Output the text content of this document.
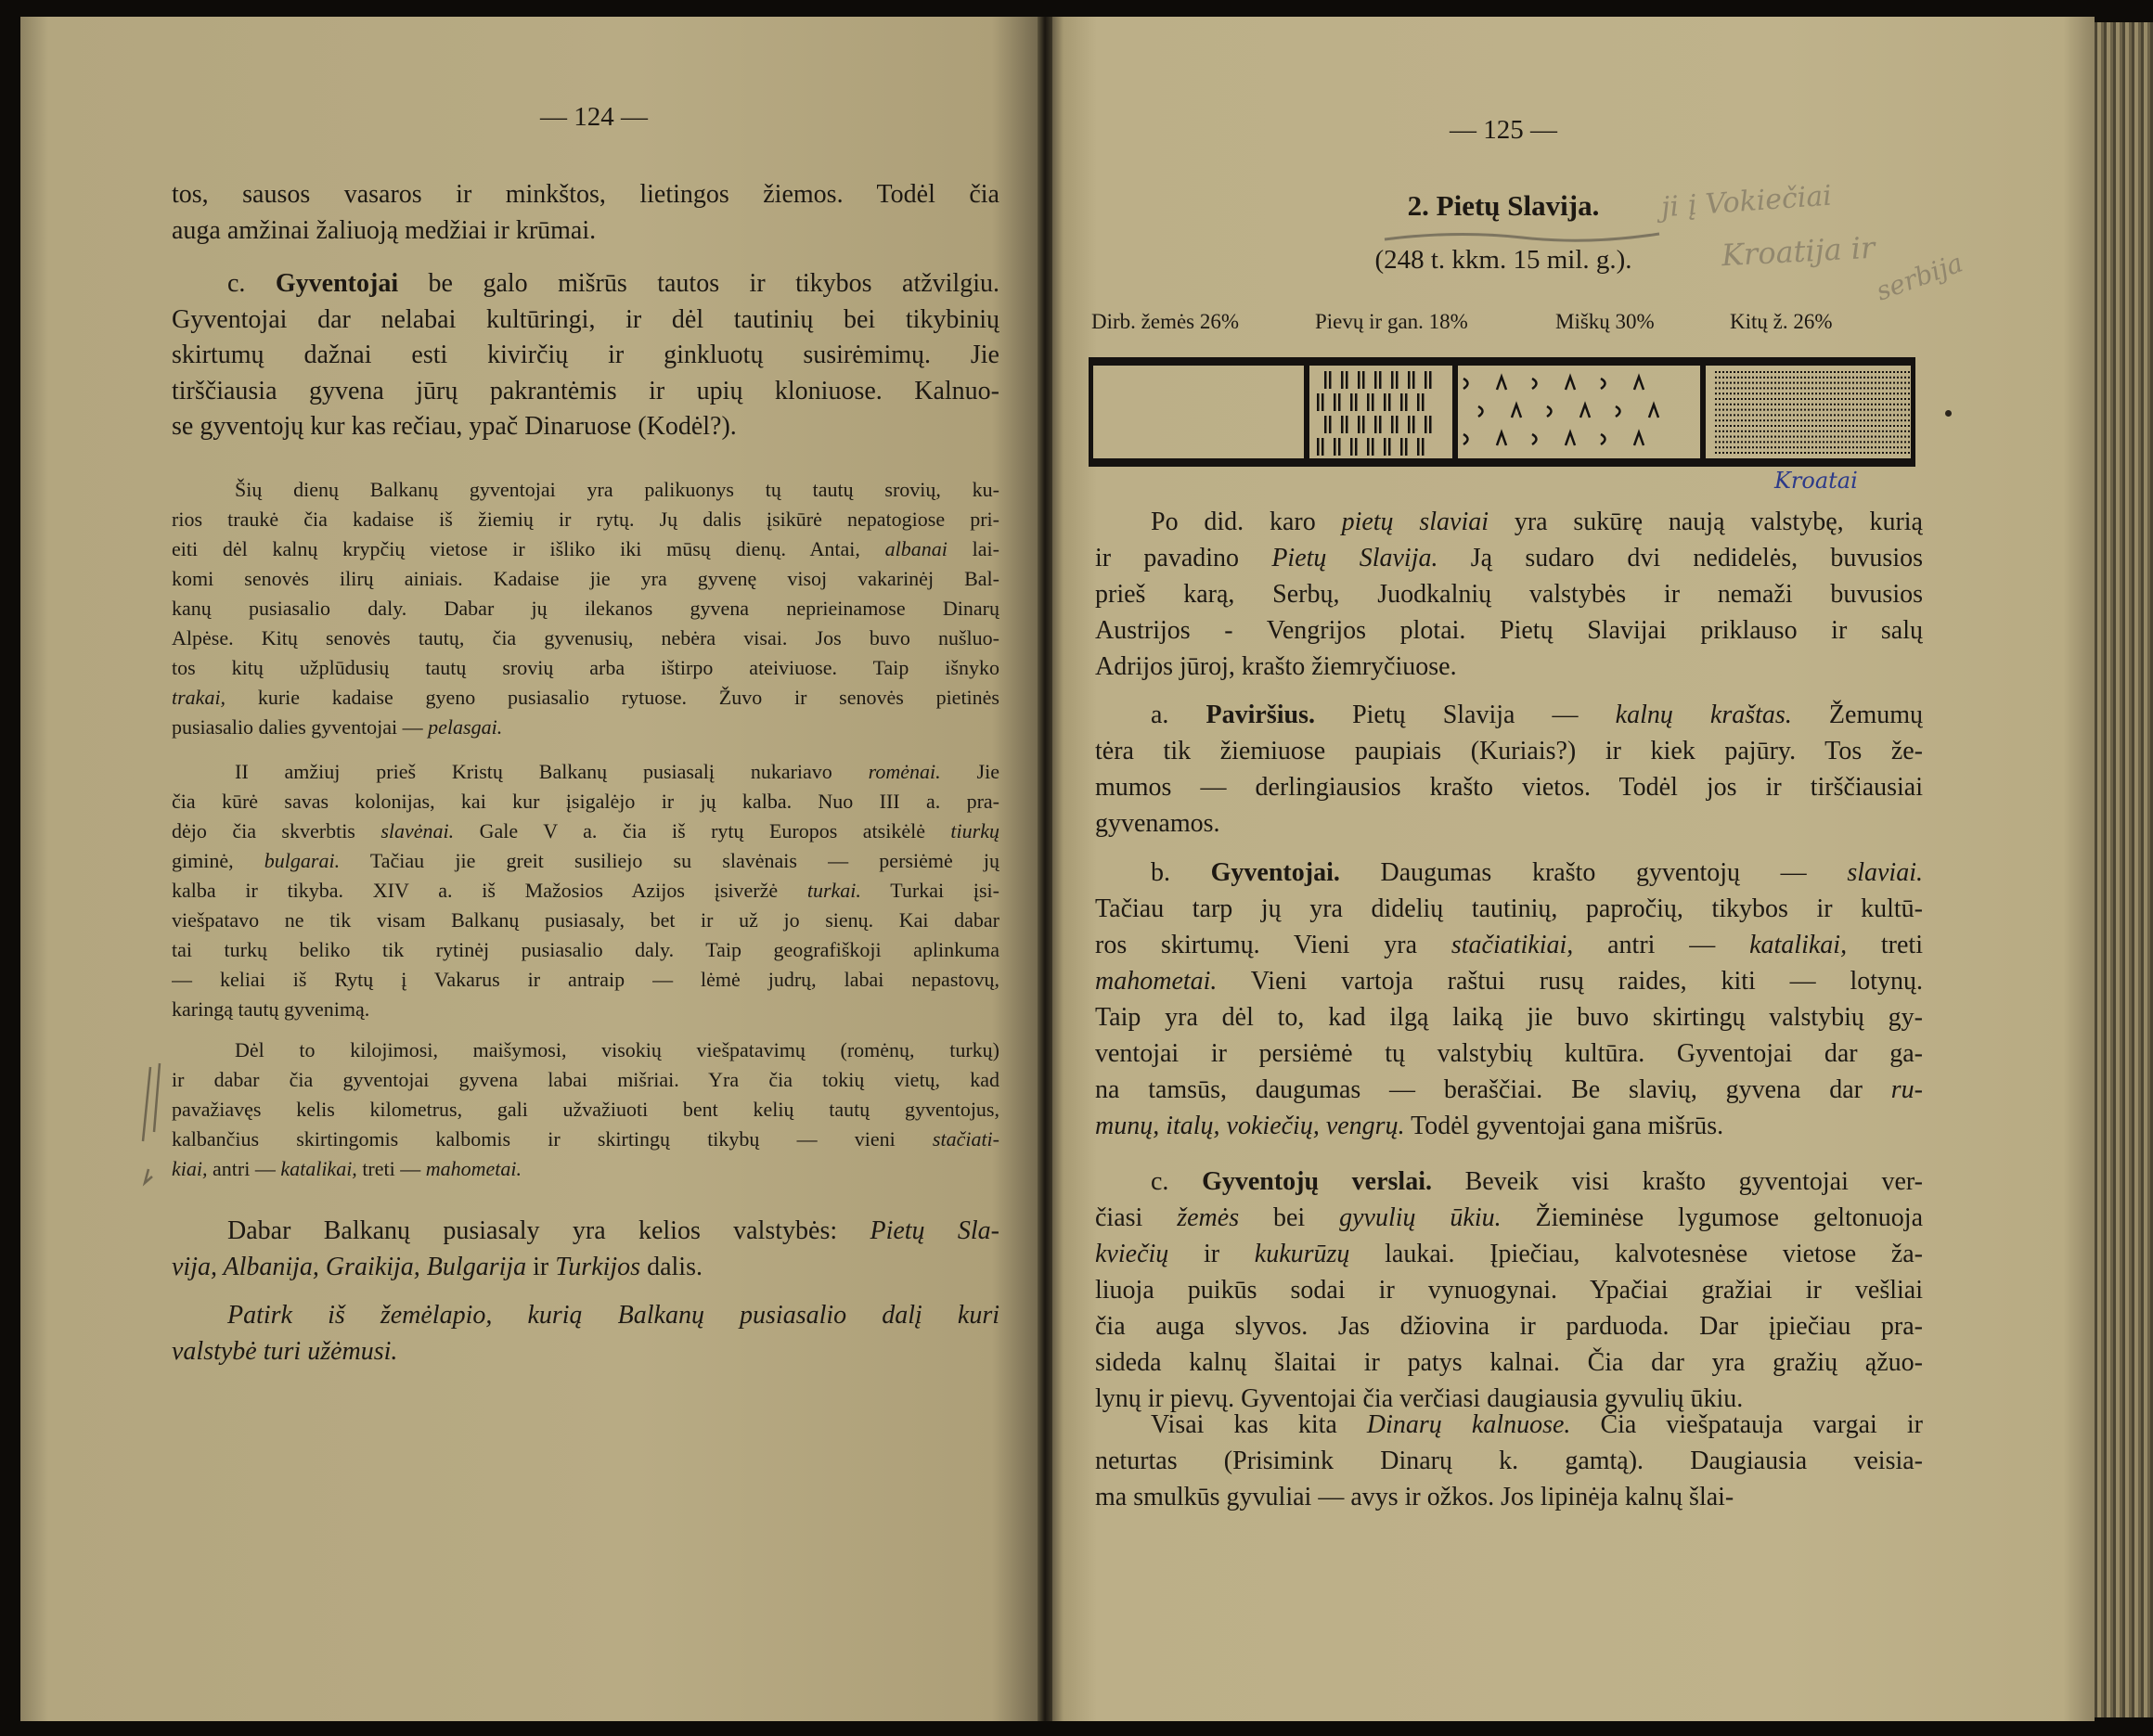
— 124 —
tos, sausos vasaros ir minkštos, lietingos žiemos. Todėl čia
auga amžinai žaliuoją medžiai ir krūmai.
c. Gyventojai be galo mišrūs tautos ir tikybos atžvilgiu.
Gyventojai dar nelabai kultūringi, ir dėl tautinių bei tikybinių
skirtumų dažnai esti kivirčių ir ginkluotų susirėmimų. Jie
tirščiausia gyvena jūrų pakrantėmis ir upių kloniuose. Kalnuo-
se gyventojų kur kas rečiau, ypač Dinaruose (Kodėl?).
Šių dienų Balkanų gyventojai yra palikuonys tų tautų srovių, ku-
rios traukė čia kadaise iš žiemių ir rytų. Jų dalis įsikūrė nepatogiose pri-
eiti dėl kalnų krypčių vietose ir išliko iki mūsų dienų. Antai, albanai lai-
komi senovės ilirų ainiais. Kadaise jie yra gyvenę visoj vakarinėj Bal-
kanų pusiasalio daly. Dabar jų ilekanos gyvena neprieinamose Dinarų
Alpėse. Kitų senovės tautų, čia gyvenusių, nebėra visai. Jos buvo nušluo-
tos kitų užplūdusių tautų srovių arba ištirpo ateiviuose. Taip išnyko
trakai, kurie kadaise gyeno pusiasalio rytuose. Žuvo ir senovės pietinės
pusiasalio dalies gyventojai — pelasgai.
II amžiuj prieš Kristų Balkanų pusiasalį nukariavo romėnai. Jie
čia kūrė savas kolonijas, kai kur įsigalėjo ir jų kalba. Nuo III a. pra-
dėjo čia skverbtis slavėnai. Gale V a. čia iš rytų Europos atsikėlė tiurkų
giminė, bulgarai. Tačiau jie greit susiliejo su slavėnais — persiėmė jų
kalba ir tikyba. XIV a. iš Mažosios Azijos įsiveržė turkai. Turkai įsi-
viešpatavo ne tik visam Balkanų pusiasaly, bet ir už jo sienų. Kai dabar
tai turkų beliko tik rytinėj pusiasalio daly. Taip geografiškoji aplinkuma
— keliai iš Rytų į Vakarus ir antraip — lėmė judrų, labai nepastovų,
karingą tautų gyvenimą.
Dėl to kilojimosi, maišymosi, visokių viešpatavimų (romėnų, turkų)
ir dabar čia gyventojai gyvena labai mišriai. Yra čia tokių vietų, kad
pavažiavęs kelis kilometrus, gali užvažiuoti bent kelių tautų gyventojus,
kalbančius skirtingomis kalbomis ir skirtingų tikybų — vieni stačiati-
kiai, antri — katalikai, treti — mahometai.
Dabar Balkanų pusiasaly yra kelios valstybės: Pietų Sla-
vija, Albanija, Graikija, Bulgarija ir Turkijos dalis.
Patirk iš žemėlapio, kurią Balkanų pusiasalio dalį kuri
valstybė turi užėmusi.
— 125 —
2. Pietų Slavija.
(248 t. kkm. 15 mil. g.).
Dirb. žemės 26%	Pievų ir gan. 18%	Miškų 30%	Kitų ž. 26%
ji į Vokiečiai
Kroatija ir
serbija
Kroatai
Po did. karo pietų slaviai yra sukūrę naują valstybę, kurią
ir pavadino Pietų Slavija. Ją sudaro dvi nedidelės, buvusios
prieš karą, Serbų, Juodkalnių valstybės ir nemaži buvusios
Austrijos - Vengrijos plotai. Pietų Slavijai priklauso ir salų
Adrijos jūroj, krašto žiemryčiuose.
a. Paviršius. Pietų Slavija — kalnų kraštas. Žemumų
tėra tik žiemiuose paupiais (Kuriais?) ir kiek pajūry. Tos že-
mumos — derlingiausios krašto vietos. Todėl jos ir tirščiausiai
gyvenamos.
b. Gyventojai. Daugumas krašto gyventojų — slaviai.
Tačiau tarp jų yra didelių tautinių, papročių, tikybos ir kultū-
ros skirtumų. Vieni yra stačiatikiai, antri — katalikai, treti
mahometai. Vieni vartoja raštui rusų raides, kiti — lotynų.
Taip yra dėl to, kad ilgą laiką jie buvo skirtingų valstybių gy-
ventojai ir persiėmė tų valstybių kultūra. Gyventojai dar ga-
na tamsūs, daugumas — beraščiai. Be slavių, gyvena dar ru-
munų, italų, vokiečių, vengrų. Todėl gyventojai gana mišrūs.
c. Gyventojų verslai. Beveik visi krašto gyventojai ver-
čiasi žemės bei gyvulių ūkiu. Žieminėse lygumose geltonuoja
kviečių ir kukurūzų laukai. Įpiečiau, kalvotesnėse vietose ža-
liuoja puikūs sodai ir vynuogynai. Ypačiai gražiai ir vešliai
čia auga slyvos. Jas džiovina ir parduoda. Dar įpiečiau pra-
sideda kalnų šlaitai ir patys kalnai. Čia dar yra gražių ąžuo-
lynų ir pievų. Gyventojai čia verčiasi daugiausia gyvulių ūkiu.
Visai kas kita Dinarų kalnuose. Čia viešpatauja vargai ir
neturtas (Prisimink Dinarų k. gamtą). Daugiausia veisia-
ma smulkūs gyvuliai — avys ir ožkos. Jos lipinėja kalnų šlai-
